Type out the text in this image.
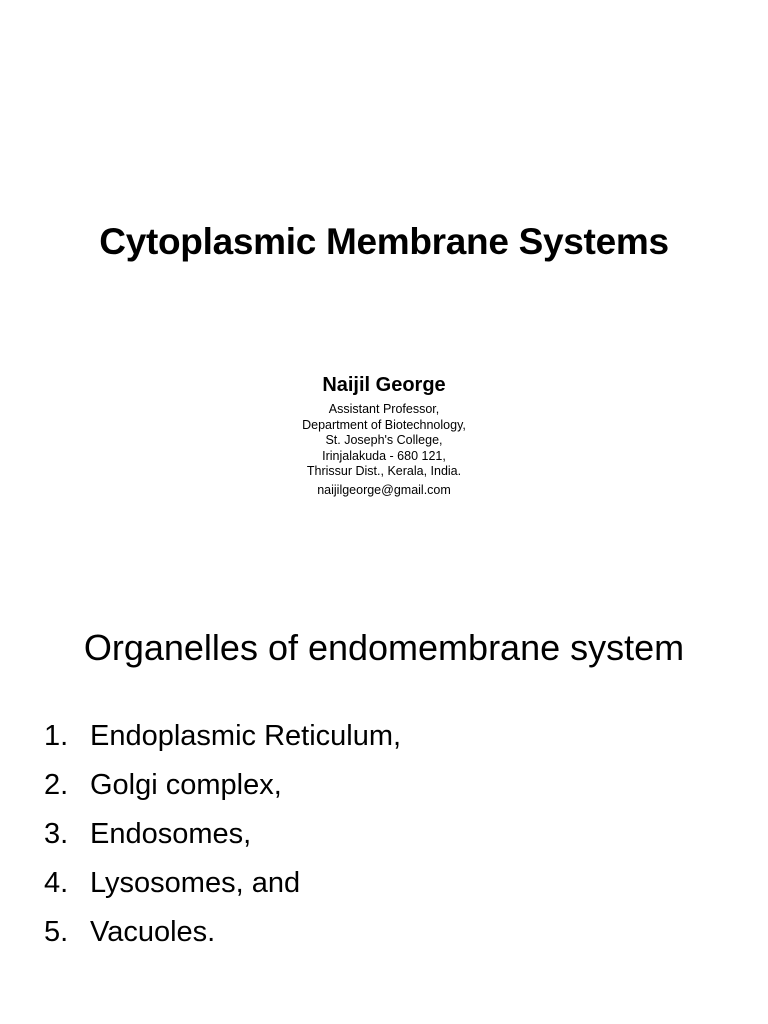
Cytoplasmic Membrane Systems

Naijil George

Assistant Professor,

Department of Biotechnology,

St. Joseph's College,

Irinjalakuda - 680 121,

Thrissur Dist., Kerala, India.

naijilgeorge@gmail.com

Organelles of endomembrane system
1. Endoplasmic Reticulum,
2. Golgi complex,
3. Endosomes,
4. Lysosomes, and
5. Vacuoles.
